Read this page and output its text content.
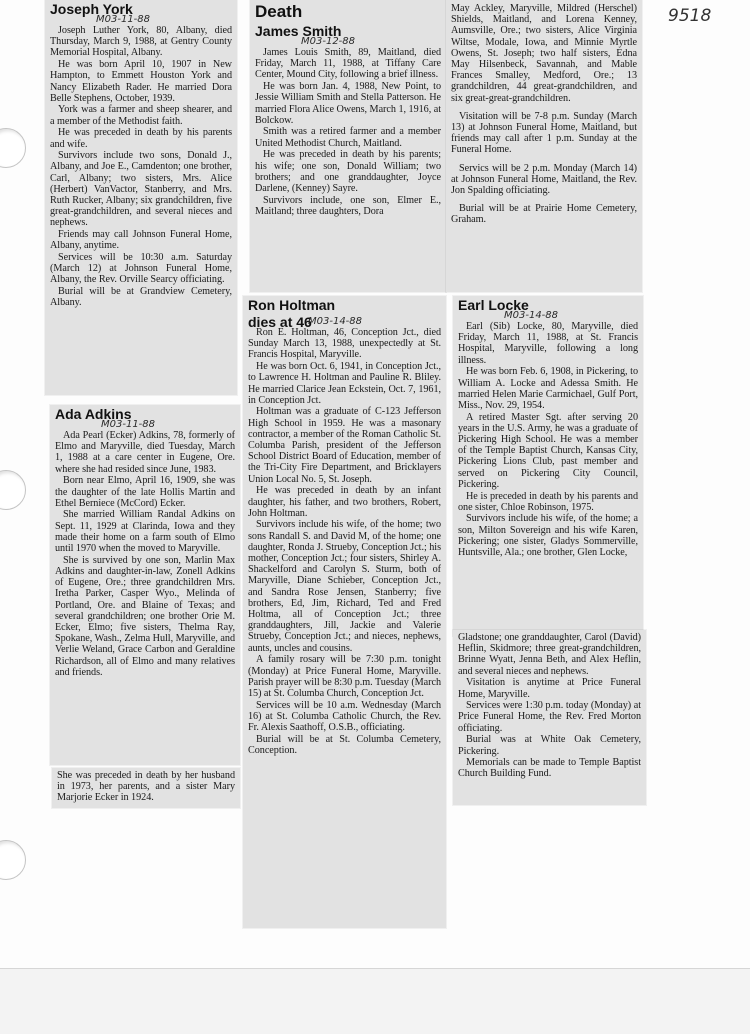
9518
Joseph York
M03-11-88

Joseph Luther York, 80, Albany, died Thursday, March 9, 1988, at Gentry County Memorial Hospital, Albany.

He was born April 10, 1907 in New Hampton, to Emmett Houston York and Nancy Elizabeth Rader. He married Dora Belle Stephens, October, 1939.

York was a farmer and sheep shearer, and a member of the Methodist faith.

He was preceded in death by his parents and wife.

Survivors include two sons, Donald J., Albany, and Joe E., Camdenton; one brother, Carl, Albany; two sisters, Mrs. Alice (Herbert) VanVactor, Stanberry, and Mrs. Ruth Rucker, Albany; six grandchildren, five great-grandchildren, and several nieces and nephews.

Friends may call Johnson Funeral Home, Albany, anytime.

Services will be 10:30 a.m. Saturday (March 12) at Johnson Funeral Home, Albany, the Rev. Orville Searcy officiating.

Burial will be at Grandview Cemetery, Albany.

Ada Adkins
M03-11-88

Ada Pearl (Ecker) Adkins, 78, formerly of Elmo and Maryville, died Tuesday, March 1, 1988 at a care center in Eugene, Ore. where she had resided since June, 1983.

Born near Elmo, April 16, 1909, she was the daughter of the late Hollis Martin and Ethel Berniece (McCord) Ecker.

She married William Randal Adkins on Sept. 11, 1929 at Clarinda, Iowa and they made their home on a farm south of Elmo until 1970 when the moved to Maryville.

She is survived by one son, Marlin Max Adkins and daughter-in-law, Zonell Adkins of Eugene, Ore.; three grandchildren Mrs. Iretha Parker, Casper Wyo., Melinda of Portland, Ore. and Blaine of Texas; and several grandchildren; one brother Orie M. Ecker, Elmo; five sisters, Thelma Ray, Spokane, Wash., Zelma Hull, Maryville, and Verlie Weland, Grace Carbon and Geraldine Richardson, all of Elmo and many relatives and friends.

She was preceded in death by her husband in 1973, her parents, and a sister Mary Marjorie Ecker in 1924.

Death
James Smith
M03-12-88

James Louis Smith, 89, Maitland, died Friday, March 11, 1988, at Tiffany Care Center, Mound City, following a brief illness.

He was born Jan. 4, 1988, New Point, to Jessie William Smith and Stella Patterson. He married Flora Alice Owens, March 1, 1916, at Bolckow.

Smith was a retired farmer and a member United Methodist Church, Maitland.

He was preceded in death by his parents; his wife; one son, Donald William; two brothers; and one granddaughter, Joyce Darlene, (Kenney) Sayre.

Survivors include, one son, Elmer E., Maitland; three daughters, Dora

May Ackley, Maryville, Mildred (Herschel) Shields, Maitland, and Lorena Kenney, Aumsville, Ore.; two sisters, Alice Virginia Wiltse, Modale, Iowa, and Minnie Myrtle Owens, St. Joseph; two half sisters, Edna May Hilsenbeck, Savannah, and Mable Frances Smalley, Medford, Ore.; 13 grandchildren, 44 great-grandchildren, and six great-great-grandchildren.

Visitation will be 7-8 p.m. Sunday (March 13) at Johnson Funeral Home, Maitland, but friends may call after 1 p.m. Sunday at the Funeral Home.

Servics will be 2 p.m. Monday (March 14) at Johnson Funeral Home, Maitland, the Rev. Jon Spalding officiating.

Burial will be at Prairie Home Cemetery, Graham.

Ron Holtman
dies at 46
M03-14-88

Ron E. Holtman, 46, Conception Jct., died Sunday March 13, 1988, unexpectedly at St. Francis Hospital, Maryville.

He was born Oct. 6, 1941, in Conception Jct., to Lawrence H. Holtman and Pauline R. Bliley. He married Clarice Jean Eckstein, Oct. 7, 1961, in Conception Jct.

Holtman was a graduate of C-123 Jefferson High School in 1959. He was a masonary contractor, a member of the Roman Catholic St. Columba Parish, president of the Jefferson School District Board of Education, member of the Tri-City Fire Department, and Bricklayers Union Local No. 5, St. Joseph.

He was preceded in death by an infant daughter, his father, and two brothers, Robert, John Holtman.

Survivors include his wife, of the home; two sons Randall S. and David M, of the home; one daughter, Ronda J. Strueby, Conception Jct.; his mother, Conception Jct.; four sisters, Shirley A. Shackelford and Carolyn S. Sturm, both of Maryville, Diane Schieber, Conception Jct., and Sandra Rose Jensen, Stanberry; five brothers, Ed, Jim, Richard, Ted and Fred Holtma, all of Conception Jct.; three granddaughters, Jill, Jackie and Valerie Strueby, Conception Jct.; and nieces, nephews, aunts, uncles and cousins.

A family rosary will be 7:30 p.m. tonight (Monday) at Price Funeral Home, Maryville. Parish prayer will be 8:30 p.m. Tuesday (March 15) at St. Columba Church, Conception Jct.

Services will be 10 a.m. Wednesday (March 16) at St. Columba Catholic Church, the Rev. Fr. Alexis Saathoff, O.S.B., officiating.

Burial will be at St. Columba Cemetery, Conception.

Earl Locke
M03-14-88

Earl (Sib) Locke, 80, Maryville, died Friday, March 11, 1988, at St. Francis Hospital, Maryville, following a long illness.

He was born Feb. 6, 1908, in Pickering, to William A. Locke and Adessa Smith. He married Helen Marie Carmichael, Gulf Port, Miss., Nov. 29, 1954.

A retired Master Sgt. after serving 20 years in the U.S. Army, he was a graduate of Pickering High School. He was a member of the Temple Baptist Church, Kansas City, Pickering Lions Club, past member and served on Pickering City Council, Pickering.

He is preceded in death by his parents and one sister, Chloe Robinson, 1975.

Survivors include his wife, of the home; a son, Milton Sovereign and his wife Karen, Pickering; one sister, Gladys Sommerville, Huntsville, Ala.; one brother, Glen Locke,

Gladstone; one granddaughter, Carol (David) Heflin, Skidmore; three great-grandchildren, Brinne Wyatt, Jenna Beth, and Alex Heflin, and several nieces and nephews.

Visitation is anytime at Price Funeral Home, Maryville.

Services were 1:30 p.m. today (Monday) at Price Funeral Home, the Rev. Fred Morton officiating.

Burial was at White Oak Cemetery, Pickering.

Memorials can be made to Temple Baptist Church Building Fund.
